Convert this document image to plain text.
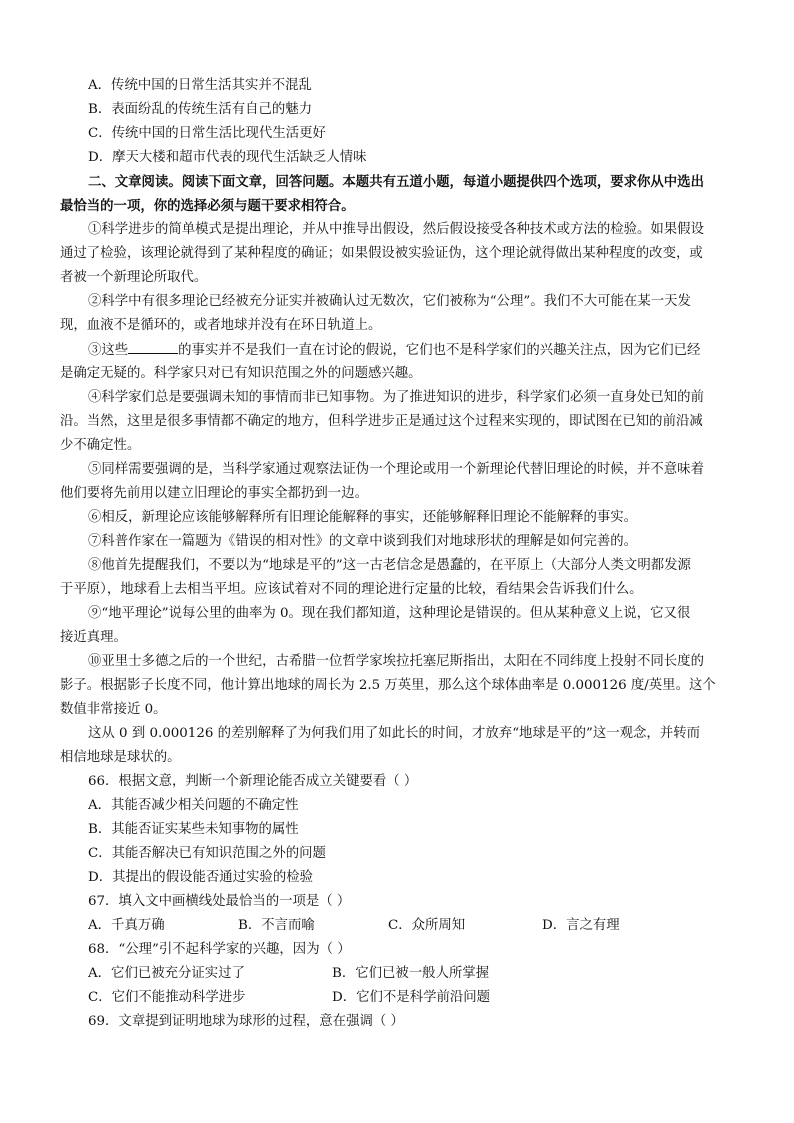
A．传统中国的日常生活其实并不混乱
B．表面纷乱的传统生活有自己的魅力
C．传统中国的日常生活比现代生活更好
D．摩天大楼和超市代表的现代生活缺乏人情味
二、文章阅读。阅读下面文章，回答问题。本题共有五道小题，每道小题提供四个选项，要求你从中选出
最恰当的一项，你的选择必须与题干要求相符合。
①科学进步的简单模式是提出理论，并从中推导出假设，然后假设接受各种技术或方法的检验。如果假设
通过了检验，该理论就得到了某种程度的确证；如果假设被实验证伪，这个理论就得做出某种程度的改变，或
者被一个新理论所取代。
②科学中有很多理论已经被充分证实并被确认过无数次，它们被称为“公理”。我们不大可能在某一天发
现，血液不是循环的，或者地球并没有在环日轨道上。
③这些	的事实并不是我们一直在讨论的假说，它们也不是科学家们的兴趣关注点，因为它们已经
是确定无疑的。科学家只对已有知识范围之外的问题感兴趣。
④科学家们总是要强调未知的事情而非已知事物。为了推进知识的进步，科学家们必须一直身处已知的前
沿。当然，这里是很多事情都不确定的地方，但科学进步正是通过这个过程来实现的，即试图在已知的前沿减
少不确定性。
⑤同样需要强调的是，当科学家通过观察法证伪一个理论或用一个新理论代替旧理论的时候，并不意味着
他们要将先前用以建立旧理论的事实全都扔到一边。
⑥相反，新理论应该能够解释所有旧理论能解释的事实，还能够解释旧理论不能解释的事实。
⑦科普作家在一篇题为《错误的相对性》的文章中谈到我们对地球形状的理解是如何完善的。
⑧他首先提醒我们，不要以为“地球是平的”这一古老信念是愚蠢的，在平原上（大部分人类文明都发源
于平原），地球看上去相当平坦。应该试着对不同的理论进行定量的比较，看结果会告诉我们什么。
⑨“地平理论”说每公里的曲率为 0。现在我们都知道，这种理论是错误的。但从某种意义上说，它又很
接近真理。
⑩亚里士多德之后的一个世纪，古希腊一位哲学家埃拉托塞尼斯指出，太阳在不同纬度上投射不同长度的
影子。根据影子长度不同，他计算出地球的周长为 2.5 万英里，那么这个球体曲率是 0.000126 度/英里。这个
数值非常接近 0。
这从 0 到 0.000126 的差别解释了为何我们用了如此长的时间，才放弃“地球是平的”这一观念，并转而
相信地球是球状的。
66．根据文意，判断一个新理论能否成立关键要看（ ）
A．其能否减少相关问题的不确定性
B．其能否证实某些未知事物的属性
C．其能否解决已有知识范围之外的问题
D．其提出的假设能否通过实验的检验
67．填入文中画横线处最恰当的一项是（ ）
A．千真万确	B．不言而喻	C．众所周知	D．言之有理
68．“公理”引不起科学家的兴趣，因为（ ）
A．它们已被充分证实过了	B．它们已被一般人所掌握
C．它们不能推动科学进步	D．它们不是科学前沿问题
69．文章提到证明地球为球形的过程，意在强调（ ）
